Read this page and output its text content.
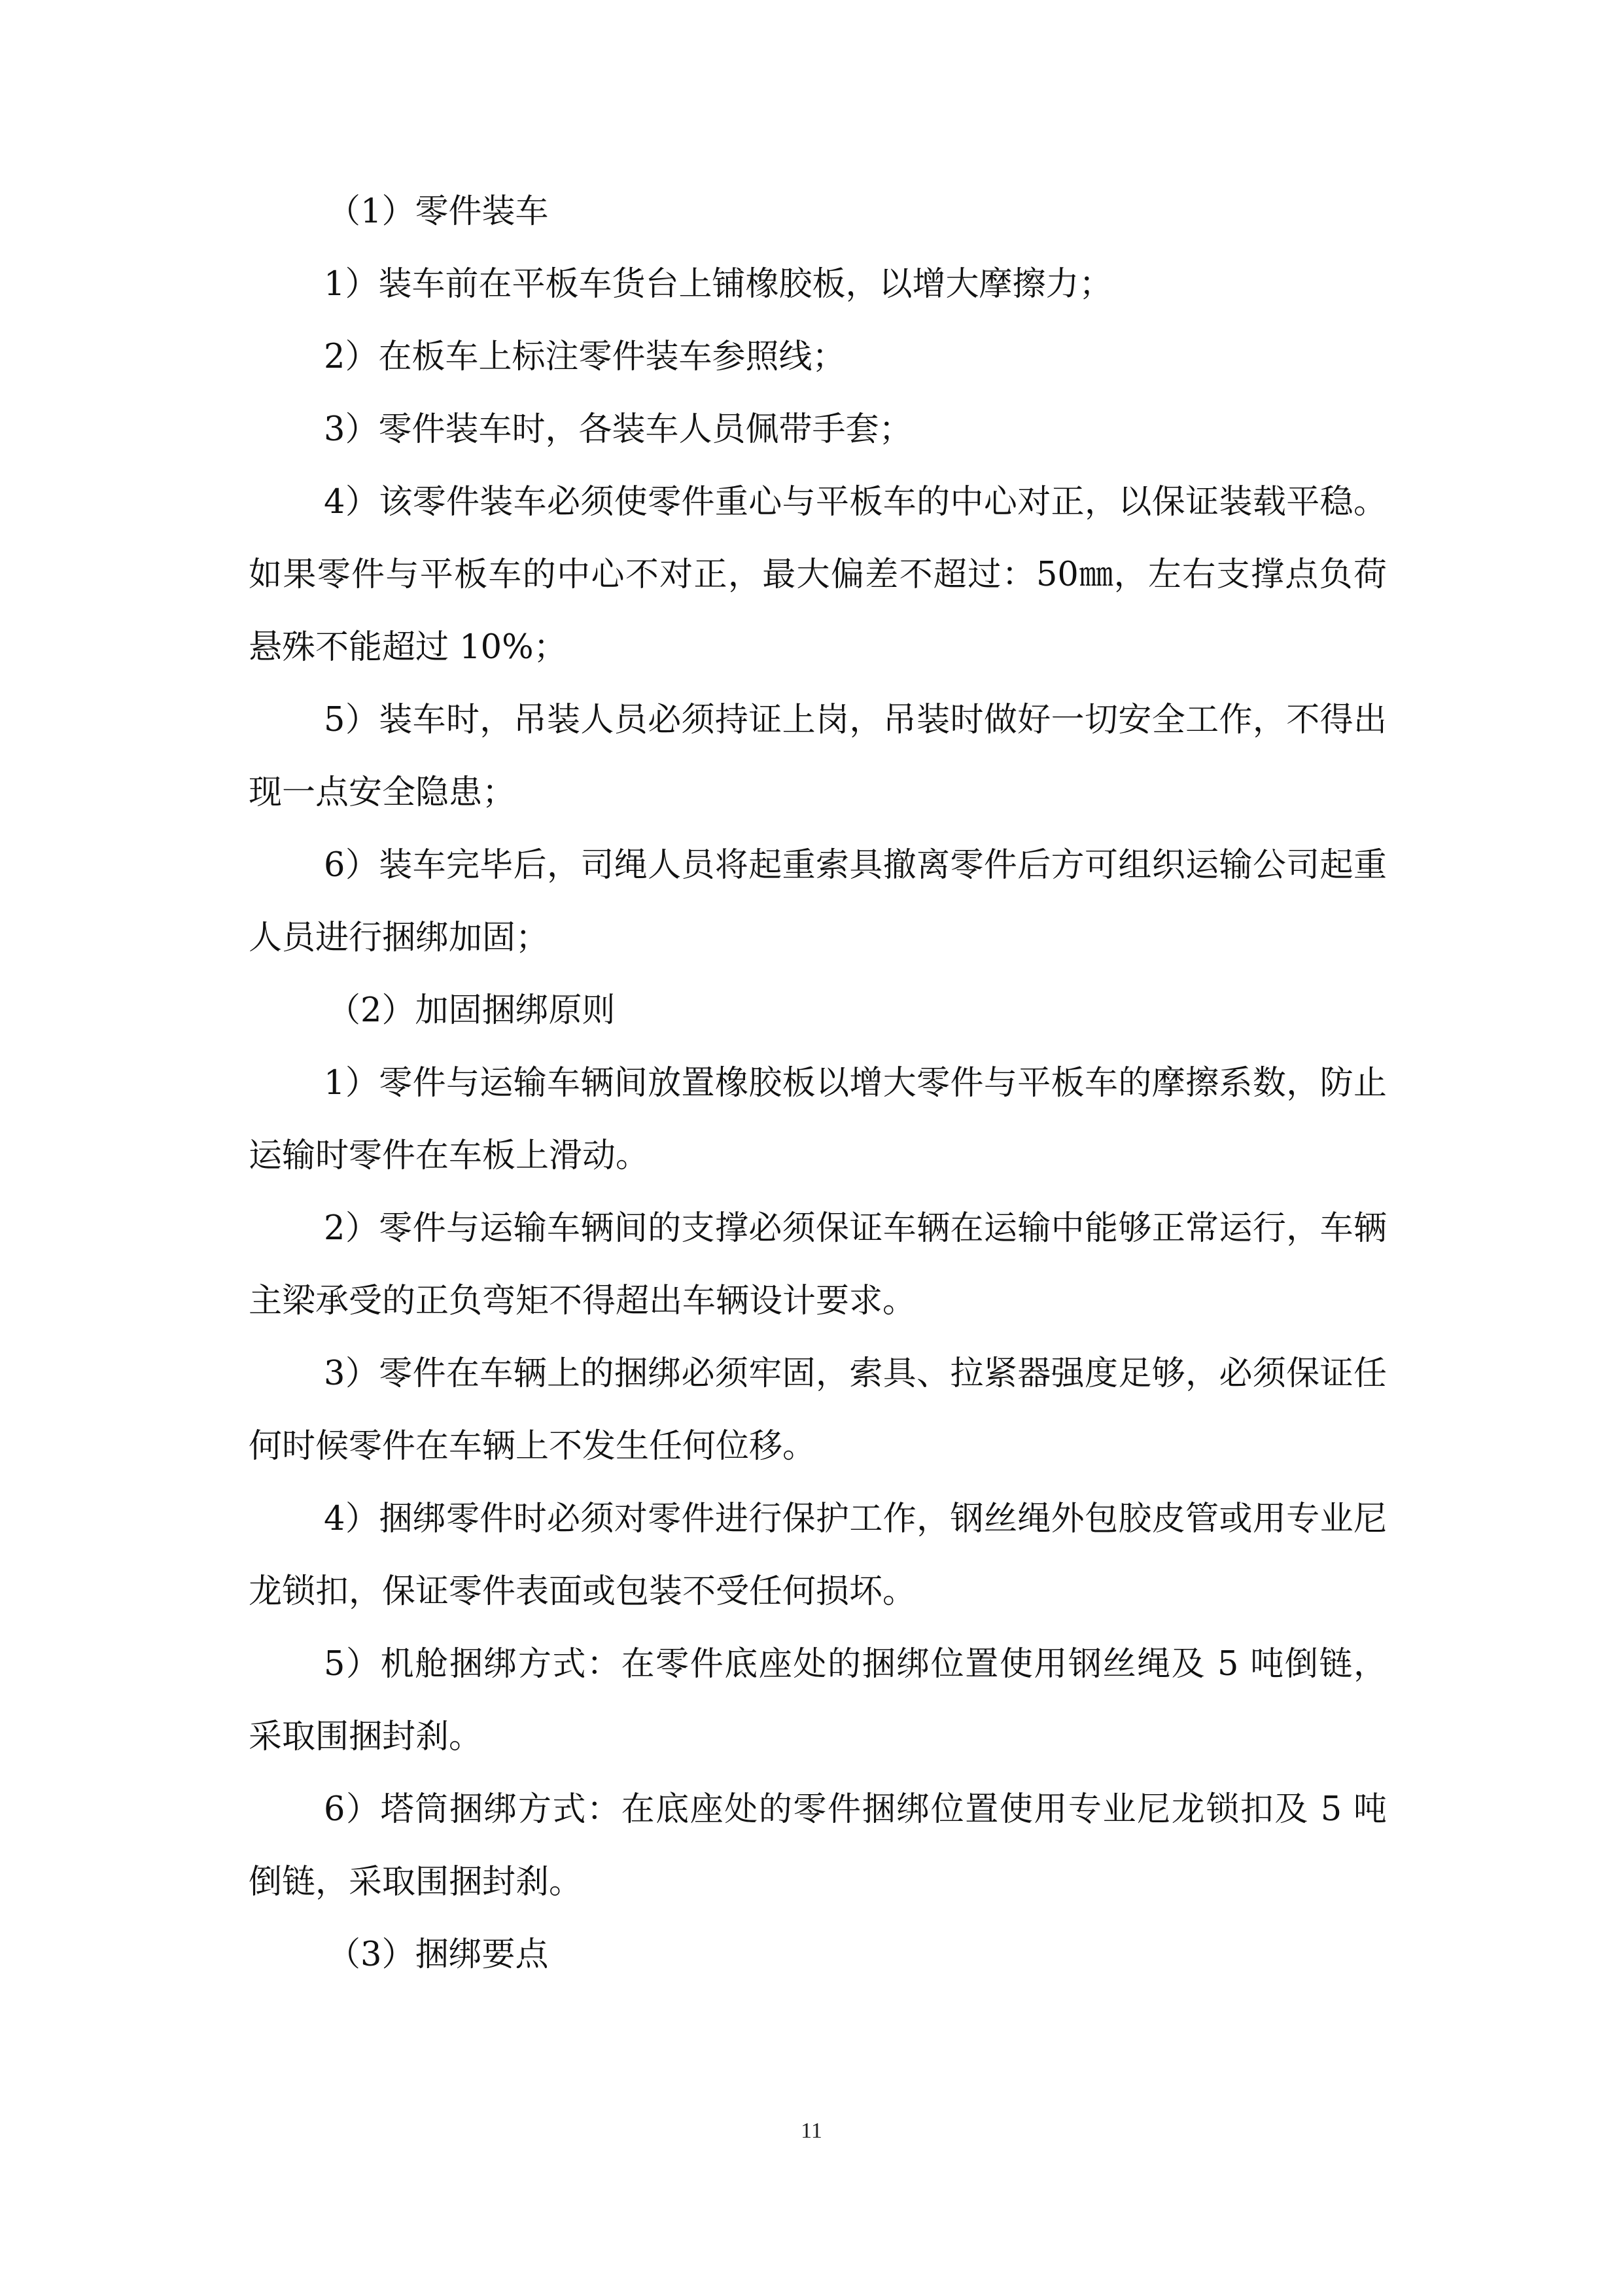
（1）零件装车

1）装车前在平板车货台上铺橡胶板，以增大摩擦力；

2）在板车上标注零件装车参照线；

3）零件装车时，各装车人员佩带手套；

4）该零件装车必须使零件重心与平板车的中心对正，以保证装载平稳。如果零件与平板车的中心不对正，最大偏差不超过：50㎜，左右支撑点负荷悬殊不能超过 10%；

5）装车时，吊装人员必须持证上岗，吊装时做好一切安全工作，不得出现一点安全隐患；

6）装车完毕后，司绳人员将起重索具撤离零件后方可组织运输公司起重人员进行捆绑加固；

（2）加固捆绑原则

1）零件与运输车辆间放置橡胶板以增大零件与平板车的摩擦系数，防止运输时零件在车板上滑动。

2）零件与运输车辆间的支撑必须保证车辆在运输中能够正常运行，车辆主梁承受的正负弯矩不得超出车辆设计要求。

3）零件在车辆上的捆绑必须牢固，索具、拉紧器强度足够，必须保证任何时候零件在车辆上不发生任何位移。

4）捆绑零件时必须对零件进行保护工作，钢丝绳外包胶皮管或用专业尼龙锁扣，保证零件表面或包装不受任何损坏。

5）机舱捆绑方式：在零件底座处的捆绑位置使用钢丝绳及 5 吨倒链，采取围捆封刹。

6）塔筒捆绑方式：在底座处的零件捆绑位置使用专业尼龙锁扣及 5 吨倒链，采取围捆封刹。

（3）捆绑要点

11
